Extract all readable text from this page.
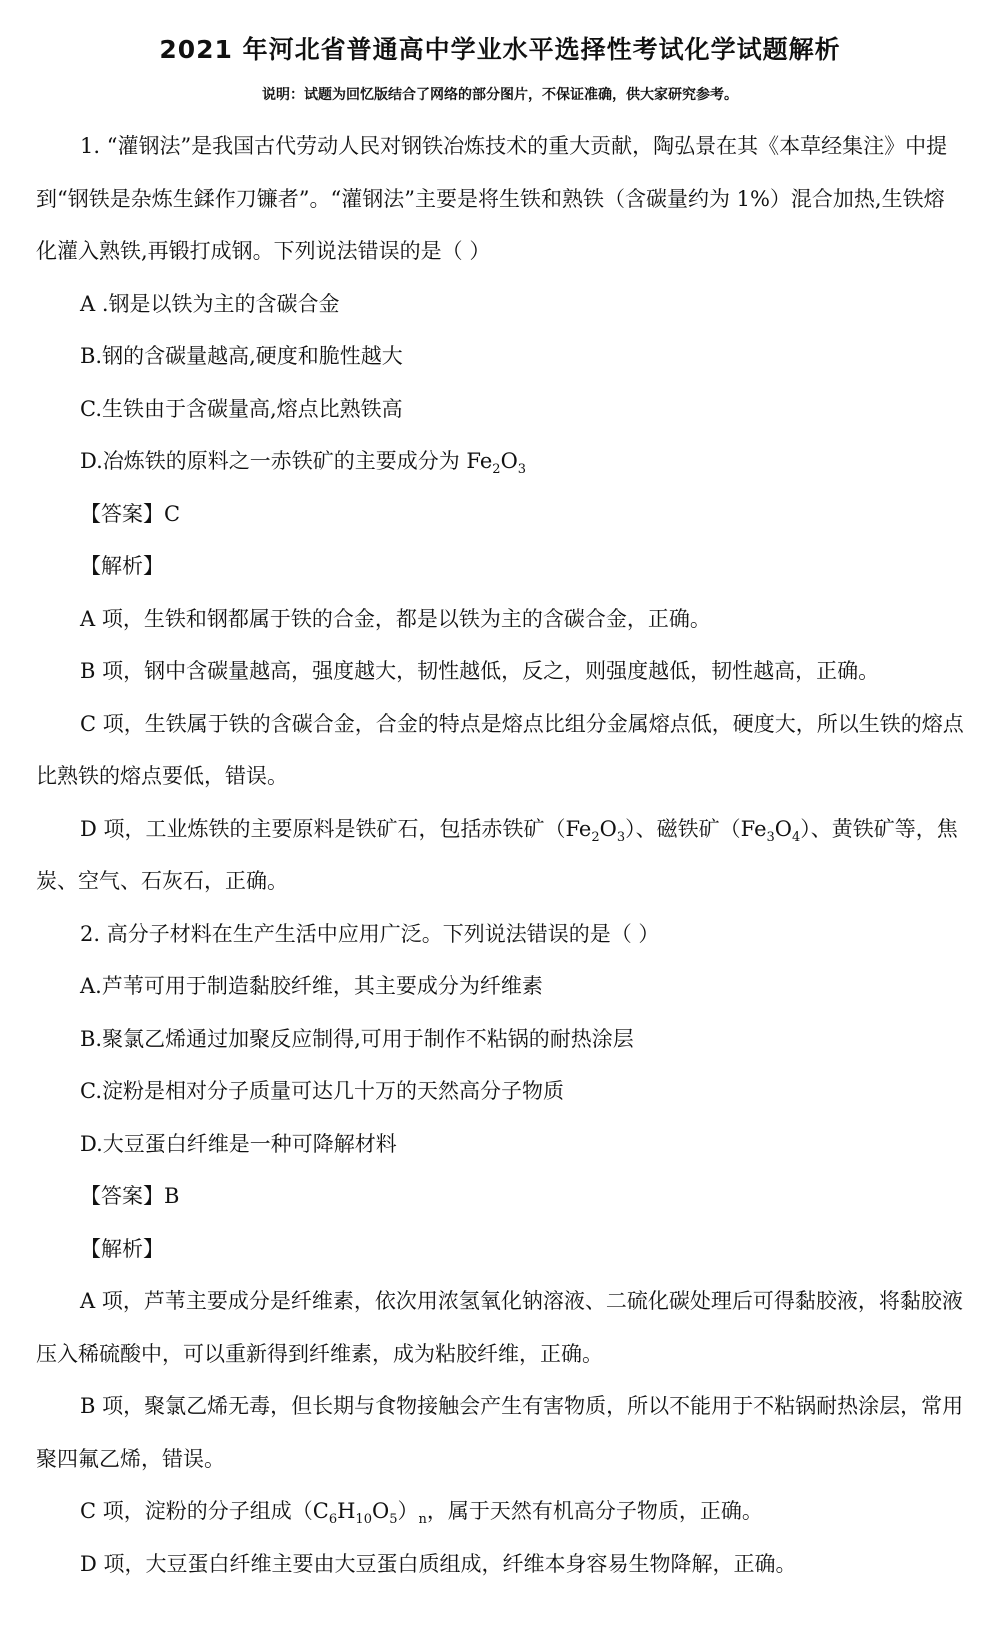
2021 年河北省普通高中学业水平选择性考试化学试题解析
说明：试题为回忆版结合了网络的部分图片，不保证准确，供大家研究参考。

1. “灌钢法”是我国古代劳动人民对钢铁冶炼技术的重大贡献，陶弘景在其《本草经集注》中提到“钢铁是杂炼生鍒作刀镰者”。“灌钢法”主要是将生铁和熟铁（含碳量约为 1%）混合加热,生铁熔化灌入熟铁,再锻打成钢。下列说法错误的是（ ）

A .钢是以铁为主的含碳合金

B.钢的含碳量越高,硬度和脆性越大

C.生铁由于含碳量高,熔点比熟铁高

D.冶炼铁的原料之一赤铁矿的主要成分为 $Fe_2O_3$

【答案】C

【解析】

A 项，生铁和钢都属于铁的合金，都是以铁为主的含碳合金，正确。

B 项，钢中含碳量越高，强度越大，韧性越低，反之，则强度越低，韧性越高，正确。

C 项，生铁属于铁的含碳合金，合金的特点是熔点比组分金属熔点低，硬度大，所以生铁的熔点比熟铁的熔点要低，错误。

D 项，工业炼铁的主要原料是铁矿石，包括赤铁矿$(Fe_2O_3)$、磁铁矿$(Fe_3O_4)$、黄铁矿等，焦炭、空气、石灰石，正确。

2. 高分子材料在生产生活中应用广泛。下列说法错误的是（ ）

A.芦苇可用于制造黏胶纤维，其主要成分为纤维素

B.聚氯乙烯通过加聚反应制得,可用于制作不粘锅的耐热涂层

C.淀粉是相对分子质量可达几十万的天然高分子物质

D.大豆蛋白纤维是一种可降解材料

【答案】B

【解析】

A 项，芦苇主要成分是纤维素，依次用浓氢氧化钠溶液、二硫化碳处理后可得黏胶液，将黏胶液压入稀硫酸中，可以重新得到纤维素，成为粘胶纤维，正确。

B 项，聚氯乙烯无毒，但长期与食物接触会产生有害物质，所以不能用于不粘锅耐热涂层，常用聚四氟乙烯，错误。

C 项，淀粉的分子组成$(C_6H_{10}O_5)_n$，属于天然有机高分子物质，正确。

D 项，大豆蛋白纤维主要由大豆蛋白质组成，纤维本身容易生物降解，正确。
